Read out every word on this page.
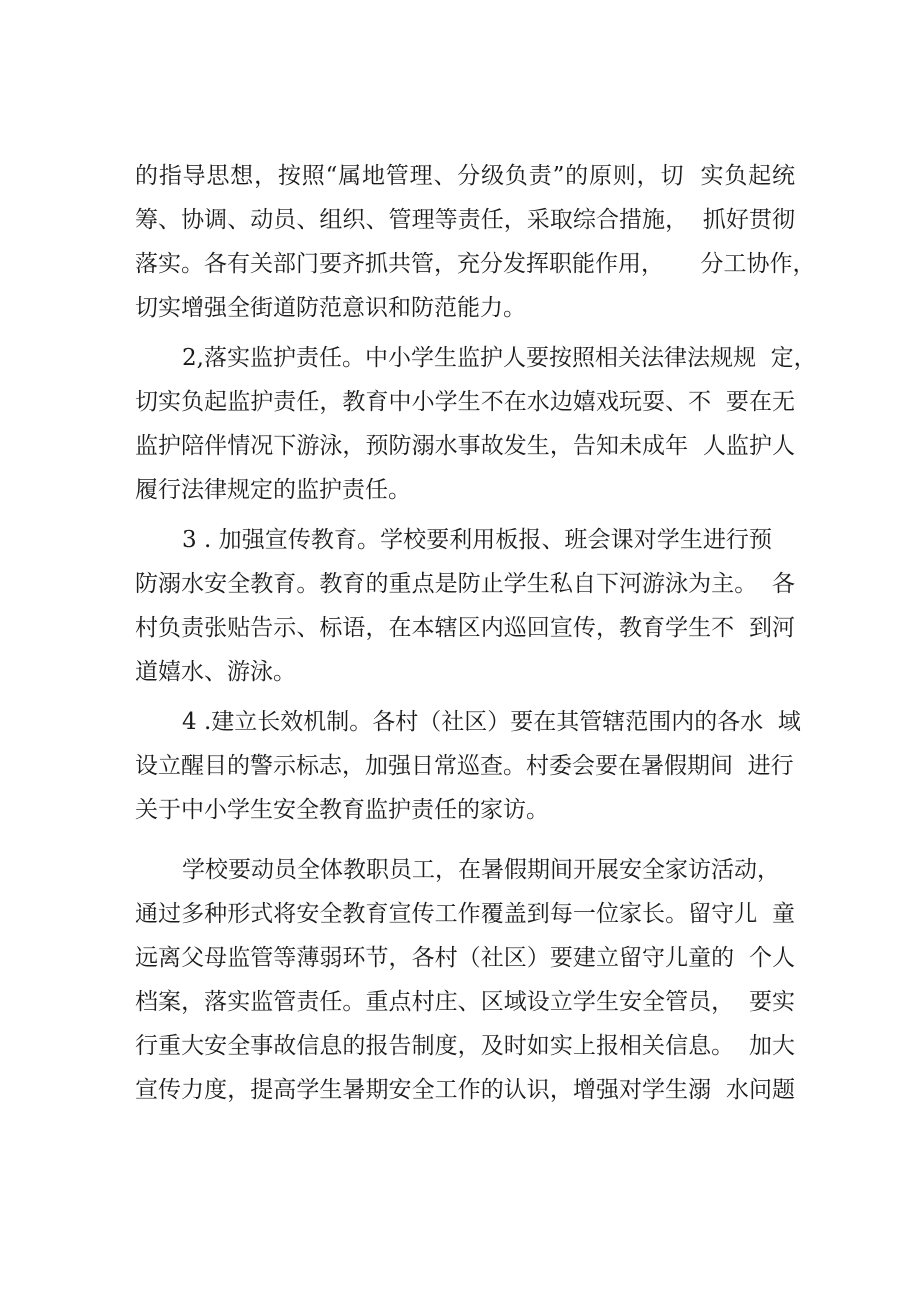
的指导思想，按照“属地管理、分级负责”的原则，切  实负起统
筹、协调、动员、组织、管理等责任，采取综合措施，  抓好贯彻
落实。各有关部门要齐抓共管，充分发挥职能作用，     分工协作，
切实增强全街道防范意识和防范能力。
2,落实监护责任。中小学生监护人要按照相关法律法规规  定，
切实负起监护责任，教育中小学生不在水边嬉戏玩耍、不  要在无
监护陪伴情况下游泳，预防溺水事故发生，告知未成年  人监护人
履行法律规定的监护责任。
3 . 加强宣传教育。学校要利用板报、班会课对学生进行预
防溺水安全教育。教育的重点是防止学生私自下河游泳为主。  各
村负责张贴告示、标语，在本辖区内巡回宣传，教育学生不  到河
道嬉水、游泳。
4 .建立长效机制。各村（社区）要在其管辖范围内的各水  域
设立醒目的警示标志，加强日常巡查。村委会要在暑假期间  进行
关于中小学生安全教育监护责任的家访。
学校要动员全体教职员工，在暑假期间开展安全家访活动，
通过多种形式将安全教育宣传工作覆盖到每一位家长。留守儿  童
远离父母监管等薄弱环节，各村（社区）要建立留守儿童的  个人
档案，落实监管责任。重点村庄、区域设立学生安全管员，  要实
行重大安全事故信息的报告制度，及时如实上报相关信息。  加大
宣传力度，提高学生暑期安全工作的认识，增强对学生溺  水问题
